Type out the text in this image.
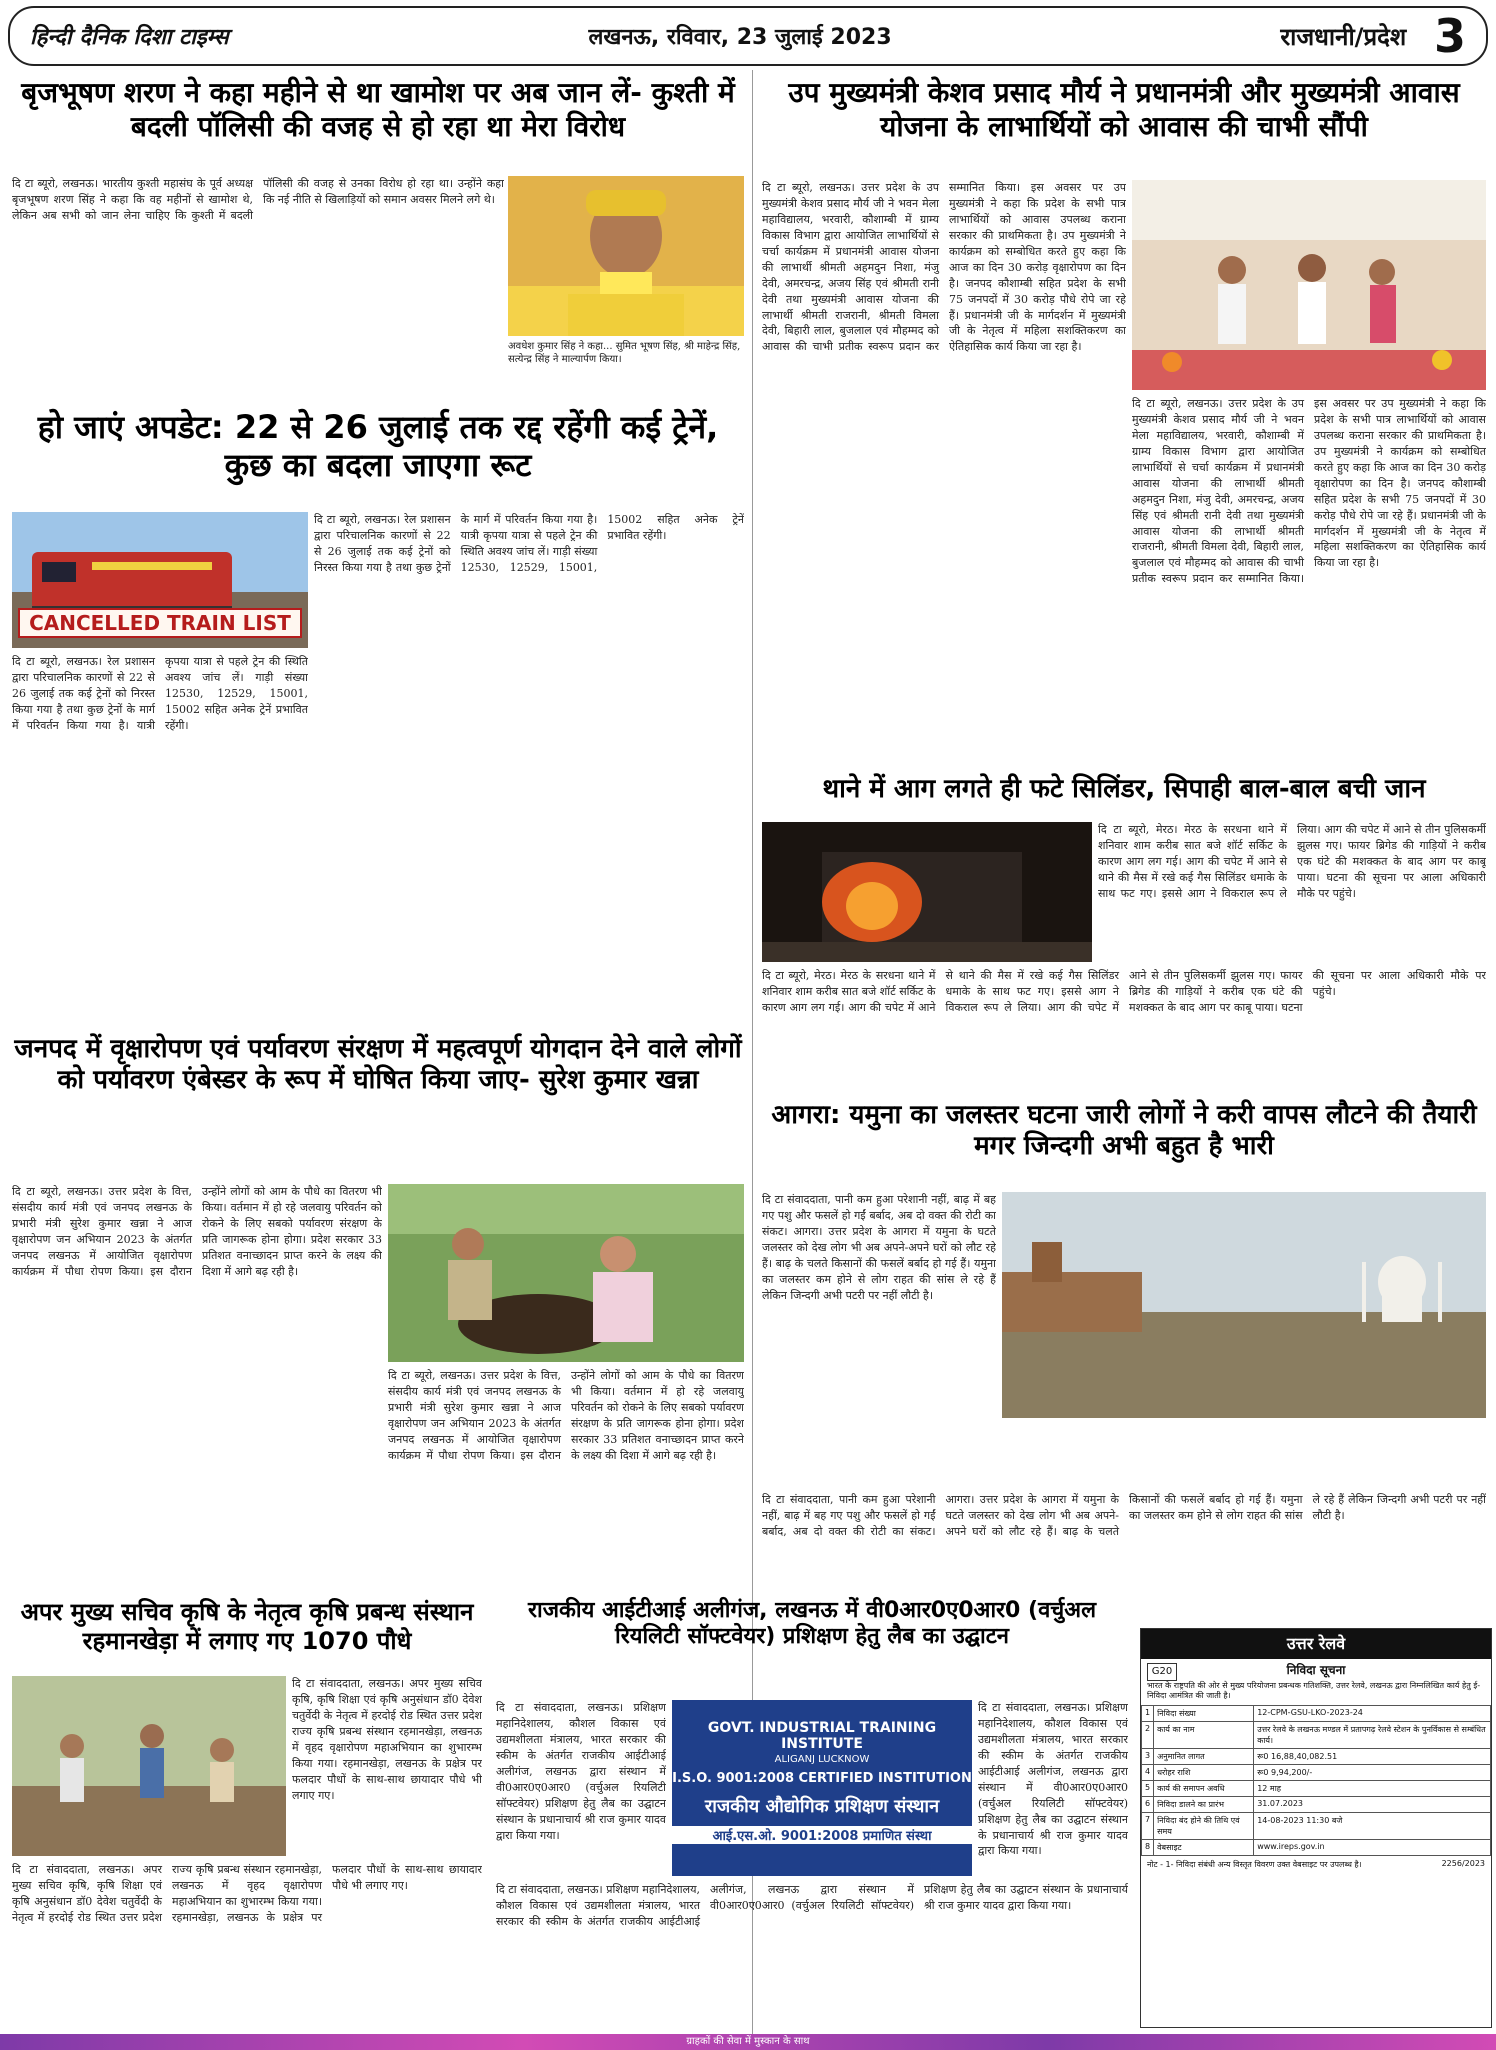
हिन्दी दैनिक दिशा टाइम्स	लखनऊ, रविवार, 23 जुलाई 2023	राजधानी/प्रदेश 3
बृजभूषण शरण ने कहा महीने से था खामोश पर अब जान लें- कुश्ती में बदली पॉलिसी की वजह से हो रहा था मेरा विरोध
दि टा ब्यूरो, लखनऊ। भारतीय कुश्ती महासंघ के पूर्व अध्यक्ष बृजभूषण शरण सिंह ने कहा कि वह महीनों से खामोश थे, लेकिन अब सभी को जान लेना चाहिए कि कुश्ती में बदली पॉलिसी की वजह से उनका विरोध हो रहा था। उन्होंने कहा कि नई नीति से खिलाड़ियों को समान अवसर मिलने लगे थे।
अवधेश कुमार सिंह ने कहा... सुमित भूषण सिंह, श्री माहेन्द्र सिंह, सत्येन्द्र सिंह ने माल्यार्पण किया।
हो जाएं अपडेट: 22 से 26 जुलाई तक रद्द रहेंगी कई ट्रेनें, कुछ का बदला जाएगा रूट
CANCELLED TRAIN LIST
दि टा ब्यूरो, लखनऊ। रेल प्रशासन द्वारा परिचालनिक कारणों से 22 से 26 जुलाई तक कई ट्रेनों को निरस्त किया गया है तथा कुछ ट्रेनों के मार्ग में परिवर्तन किया गया है। यात्री कृपया यात्रा से पहले ट्रेन की स्थिति अवश्य जांच लें। गाड़ी संख्या 12530, 12529, 15001, 15002 सहित अनेक ट्रेनें प्रभावित रहेंगी।
दि टा ब्यूरो, लखनऊ। रेल प्रशासन द्वारा परिचालनिक कारणों से 22 से 26 जुलाई तक कई ट्रेनों को निरस्त किया गया है तथा कुछ ट्रेनों के मार्ग में परिवर्तन किया गया है। यात्री कृपया यात्रा से पहले ट्रेन की स्थिति अवश्य जांच लें। गाड़ी संख्या 12530, 12529, 15001, 15002 सहित अनेक ट्रेनें प्रभावित रहेंगी।
उप मुख्यमंत्री केशव प्रसाद मौर्य ने प्रधानमंत्री और मुख्यमंत्री आवास योजना के लाभार्थियों को आवास की चाभी सौंपी
दि टा ब्यूरो, लखनऊ। उत्तर प्रदेश के उप मुख्यमंत्री केशव प्रसाद मौर्य जी ने भवन मेला महाविद्यालय, भरवारी, कौशाम्बी में ग्राम्य विकास विभाग द्वारा आयोजित लाभार्थियों से चर्चा कार्यक्रम में प्रधानमंत्री आवास योजना की लाभार्थी श्रीमती अहमदुन निशा, मंजु देवी, अमरचन्द्र, अजय सिंह एवं श्रीमती रानी देवी तथा मुख्यमंत्री आवास योजना की लाभार्थी श्रीमती राजरानी, श्रीमती विमला देवी, बिहारी लाल, बुजलाल एवं मौहम्मद को आवास की चाभी प्रतीक स्वरूप प्रदान कर सम्मानित किया। इस अवसर पर उप मुख्यमंत्री ने कहा कि प्रदेश के सभी पात्र लाभार्थियों को आवास उपलब्ध कराना सरकार की प्राथमिकता है। उप मुख्यमंत्री ने कार्यक्रम को सम्बोधित करते हुए कहा कि आज का दिन 30 करोड़ वृक्षारोपण का दिन है। जनपद कौशाम्बी सहित प्रदेश के सभी 75 जनपदों में 30 करोड़ पौधे रोपे जा रहे हैं। प्रधानमंत्री जी के मार्गदर्शन में मुख्यमंत्री जी के नेतृत्व में महिला सशक्तिकरण का ऐतिहासिक कार्य किया जा रहा है।
दि टा ब्यूरो, लखनऊ। उत्तर प्रदेश के उप मुख्यमंत्री केशव प्रसाद मौर्य जी ने भवन मेला महाविद्यालय, भरवारी, कौशाम्बी में ग्राम्य विकास विभाग द्वारा आयोजित लाभार्थियों से चर्चा कार्यक्रम में प्रधानमंत्री आवास योजना की लाभार्थी श्रीमती अहमदुन निशा, मंजु देवी, अमरचन्द्र, अजय सिंह एवं श्रीमती रानी देवी तथा मुख्यमंत्री आवास योजना की लाभार्थी श्रीमती राजरानी, श्रीमती विमला देवी, बिहारी लाल, बुजलाल एवं मौहम्मद को आवास की चाभी प्रतीक स्वरूप प्रदान कर सम्मानित किया। इस अवसर पर उप मुख्यमंत्री ने कहा कि प्रदेश के सभी पात्र लाभार्थियों को आवास उपलब्ध कराना सरकार की प्राथमिकता है। उप मुख्यमंत्री ने कार्यक्रम को सम्बोधित करते हुए कहा कि आज का दिन 30 करोड़ वृक्षारोपण का दिन है। जनपद कौशाम्बी सहित प्रदेश के सभी 75 जनपदों में 30 करोड़ पौधे रोपे जा रहे हैं। प्रधानमंत्री जी के मार्गदर्शन में मुख्यमंत्री जी के नेतृत्व में महिला सशक्तिकरण का ऐतिहासिक कार्य किया जा रहा है।
थाने में आग लगते ही फटे सिलिंडर, सिपाही बाल-बाल बची जान
दि टा ब्यूरो, मेरठ। मेरठ के सरधना थाने में शनिवार शाम करीब सात बजे शॉर्ट सर्किट के कारण आग लग गई। आग की चपेट में आने से थाने की मैस में रखे कई गैस सिलिंडर धमाके के साथ फट गए। इससे आग ने विकराल रूप ले लिया। आग की चपेट में आने से तीन पुलिसकर्मी झुलस गए। फायर ब्रिगेड की गाड़ियों ने करीब एक घंटे की मशक्कत के बाद आग पर काबू पाया। घटना की सूचना पर आला अधिकारी मौके पर पहुंचे।
दि टा ब्यूरो, मेरठ। मेरठ के सरधना थाने में शनिवार शाम करीब सात बजे शॉर्ट सर्किट के कारण आग लग गई। आग की चपेट में आने से थाने की मैस में रखे कई गैस सिलिंडर धमाके के साथ फट गए। इससे आग ने विकराल रूप ले लिया। आग की चपेट में आने से तीन पुलिसकर्मी झुलस गए। फायर ब्रिगेड की गाड़ियों ने करीब एक घंटे की मशक्कत के बाद आग पर काबू पाया। घटना की सूचना पर आला अधिकारी मौके पर पहुंचे।
जनपद में वृक्षारोपण एवं पर्यावरण संरक्षण में महत्वपूर्ण योगदान देने वाले लोगों को पर्यावरण एंबेस्डर के रूप में घोषित किया जाए- सुरेश कुमार खन्ना
दि टा ब्यूरो, लखनऊ। उत्तर प्रदेश के वित्त, संसदीय कार्य मंत्री एवं जनपद लखनऊ के प्रभारी मंत्री सुरेश कुमार खन्ना ने आज वृक्षारोपण जन अभियान 2023 के अंतर्गत जनपद लखनऊ में आयोजित वृक्षारोपण कार्यक्रम में पौधा रोपण किया। इस दौरान उन्होंने लोगों को आम के पौधे का वितरण भी किया। वर्तमान में हो रहे जलवायु परिवर्तन को रोकने के लिए सबको पर्यावरण संरक्षण के प्रति जागरूक होना होगा। प्रदेश सरकार 33 प्रतिशत वनाच्छादन प्राप्त करने के लक्ष्य की दिशा में आगे बढ़ रही है।
दि टा ब्यूरो, लखनऊ। उत्तर प्रदेश के वित्त, संसदीय कार्य मंत्री एवं जनपद लखनऊ के प्रभारी मंत्री सुरेश कुमार खन्ना ने आज वृक्षारोपण जन अभियान 2023 के अंतर्गत जनपद लखनऊ में आयोजित वृक्षारोपण कार्यक्रम में पौधा रोपण किया। इस दौरान उन्होंने लोगों को आम के पौधे का वितरण भी किया। वर्तमान में हो रहे जलवायु परिवर्तन को रोकने के लिए सबको पर्यावरण संरक्षण के प्रति जागरूक होना होगा। प्रदेश सरकार 33 प्रतिशत वनाच्छादन प्राप्त करने के लक्ष्य की दिशा में आगे बढ़ रही है।
आगरा: यमुना का जलस्तर घटना जारी लोगों ने करी वापस लौटने की तैयारी मगर जिन्दगी अभी बहुत है भारी
दि टा संवाददाता, पानी कम हुआ परेशानी नहीं, बाढ़ में बह गए पशु और फसलें हो गईं बर्बाद, अब दो वक्त की रोटी का संकट। आगरा। उत्तर प्रदेश के आगरा में यमुना के घटते जलस्तर को देख लोग भी अब अपने-अपने घरों को लौट रहे हैं। बाढ़ के चलते किसानों की फसलें बर्बाद हो गई हैं। यमुना का जलस्तर कम होने से लोग राहत की सांस ले रहे हैं लेकिन जिन्दगी अभी पटरी पर नहीं लौटी है।
दि टा संवाददाता, पानी कम हुआ परेशानी नहीं, बाढ़ में बह गए पशु और फसलें हो गईं बर्बाद, अब दो वक्त की रोटी का संकट। आगरा। उत्तर प्रदेश के आगरा में यमुना के घटते जलस्तर को देख लोग भी अब अपने-अपने घरों को लौट रहे हैं। बाढ़ के चलते किसानों की फसलें बर्बाद हो गई हैं। यमुना का जलस्तर कम होने से लोग राहत की सांस ले रहे हैं लेकिन जिन्दगी अभी पटरी पर नहीं लौटी है।
अपर मुख्य सचिव कृषि के नेतृत्व कृषि प्रबन्ध संस्थान रहमानखेड़ा में लगाए गए 1070 पौधे
दि टा संवाददाता, लखनऊ। अपर मुख्य सचिव कृषि, कृषि शिक्षा एवं कृषि अनुसंधान डॉ0 देवेश चतुर्वेदी के नेतृत्व में हरदोई रोड स्थित उत्तर प्रदेश राज्य कृषि प्रबन्ध संस्थान रहमानखेड़ा, लखनऊ में वृहद वृक्षारोपण महाअभियान का शुभारम्भ किया गया। रहमानखेड़ा, लखनऊ के प्रक्षेत्र पर फलदार पौधों के साथ-साथ छायादार पौधे भी लगाए गए।
दि टा संवाददाता, लखनऊ। अपर मुख्य सचिव कृषि, कृषि शिक्षा एवं कृषि अनुसंधान डॉ0 देवेश चतुर्वेदी के नेतृत्व में हरदोई रोड स्थित उत्तर प्रदेश राज्य कृषि प्रबन्ध संस्थान रहमानखेड़ा, लखनऊ में वृहद वृक्षारोपण महाअभियान का शुभारम्भ किया गया। रहमानखेड़ा, लखनऊ के प्रक्षेत्र पर फलदार पौधों के साथ-साथ छायादार पौधे भी लगाए गए।
राजकीय आईटीआई अलीगंज, लखनऊ में वी0आर0ए0आर0 (वर्चुअल रियलिटी सॉफ्टवेयर) प्रशिक्षण हेतु लैब का उद्घाटन
दि टा संवाददाता, लखनऊ। प्रशिक्षण महानिदेशालय, कौशल विकास एवं उद्यमशीलता मंत्रालय, भारत सरकार की स्कीम के अंतर्गत राजकीय आईटीआई अलीगंज, लखनऊ द्वारा संस्थान में वी0आर0ए0आर0 (वर्चुअल रियलिटी सॉफ्टवेयर) प्रशिक्षण हेतु लैब का उद्घाटन संस्थान के प्रधानाचार्य श्री राज कुमार यादव द्वारा किया गया।
GOVT. INDUSTRIAL TRAINING INSTITUTE
ALIGANJ LUCKNOW
I.S.O. 9001:2008 CERTIFIED INSTITUTION
राजकीय औद्योगिक प्रशिक्षण संस्थान
आई.एस.ओ. 9001:2008 प्रमाणित संस्था
दि टा संवाददाता, लखनऊ। प्रशिक्षण महानिदेशालय, कौशल विकास एवं उद्यमशीलता मंत्रालय, भारत सरकार की स्कीम के अंतर्गत राजकीय आईटीआई अलीगंज, लखनऊ द्वारा संस्थान में वी0आर0ए0आर0 (वर्चुअल रियलिटी सॉफ्टवेयर) प्रशिक्षण हेतु लैब का उद्घाटन संस्थान के प्रधानाचार्य श्री राज कुमार यादव द्वारा किया गया।
दि टा संवाददाता, लखनऊ। प्रशिक्षण महानिदेशालय, कौशल विकास एवं उद्यमशीलता मंत्रालय, भारत सरकार की स्कीम के अंतर्गत राजकीय आईटीआई अलीगंज, लखनऊ द्वारा संस्थान में वी0आर0ए0आर0 (वर्चुअल रियलिटी सॉफ्टवेयर) प्रशिक्षण हेतु लैब का उद्घाटन संस्थान के प्रधानाचार्य श्री राज कुमार यादव द्वारा किया गया।
उत्तर रेलवे
G20	निविदा सूचना
भारत के राष्ट्रपति की ओर से मुख्य परियोजना प्रबन्धक गतिशक्ति, उत्तर रेलवे, लखनऊ द्वारा निम्नलिखित कार्य हेतु ई-निविदा आमंत्रित की जाती है।
1	निविदा संख्या	12-CPM-GSU-LKO-2023-24
2	कार्य का नाम	उत्तर रेलवे के लखनऊ मण्डल में प्रतापगढ़ रेलवे स्टेशन के पुनर्विकास से सम्बंधित कार्य।
3	अनुमानित लागत	रू0 16,88,40,082.51
4	धरोहर राशि	रू0 9,94,200/-
5	कार्य की समापन अवधि	12 माह
6	निविदा डालने का प्रारंभ	31.07.2023
7	निविदा बंद होने की तिथि एवं समय	14-08-2023 11:30 बजे
8	वेबसाइट	www.ireps.gov.in
नोट - 1- निविदा संबंधी अन्य विस्तृत विवरण उक्त वेबसाइट पर उपलब्ध है।	2256/2023
ग्राहकों की सेवा में मुस्कान के साथ
